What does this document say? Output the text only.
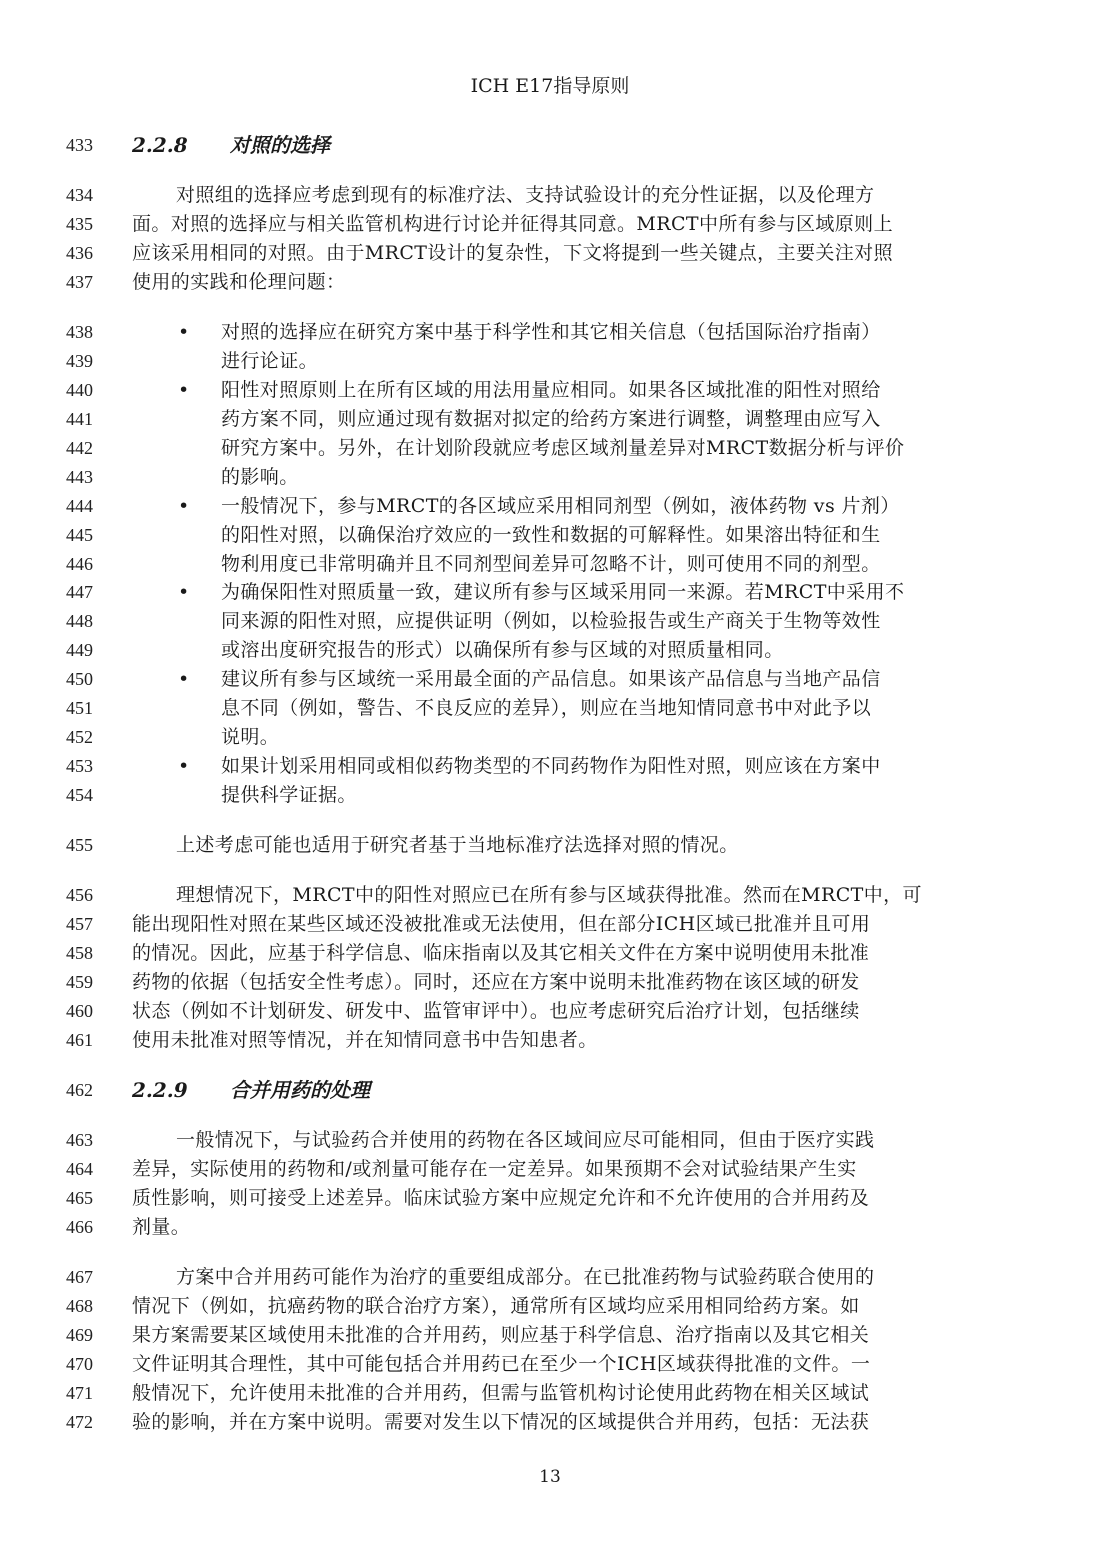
ICH E17指导原则
433	2.2.8 对照的选择
434	对照组的选择应考虑到现有的标准疗法、支持试验设计的充分性证据，以及伦理方
435	面。对照的选择应与相关监管机构进行讨论并征得其同意。MRCT中所有参与区域原则上
436	应该采用相同的对照。由于MRCT设计的复杂性，下文将提到一些关键点，主要关注对照
437	使用的实践和伦理问题：
438	• 对照的选择应在研究方案中基于科学性和其它相关信息（包括国际治疗指南）
439	进行论证。
440	• 阳性对照原则上在所有区域的用法用量应相同。如果各区域批准的阳性对照给
441	药方案不同，则应通过现有数据对拟定的给药方案进行调整，调整理由应写入
442	研究方案中。另外，在计划阶段就应考虑区域剂量差异对MRCT数据分析与评价
443	的影响。
444	• 一般情况下，参与MRCT的各区域应采用相同剂型（例如，液体药物 vs 片剂）
445	的阳性对照，以确保治疗效应的一致性和数据的可解释性。如果溶出特征和生
446	物利用度已非常明确并且不同剂型间差异可忽略不计，则可使用不同的剂型。
447	• 为确保阳性对照质量一致，建议所有参与区域采用同一来源。若MRCT中采用不
448	同来源的阳性对照，应提供证明（例如，以检验报告或生产商关于生物等效性
449	或溶出度研究报告的形式）以确保所有参与区域的对照质量相同。
450	• 建议所有参与区域统一采用最全面的产品信息。如果该产品信息与当地产品信
451	息不同（例如，警告、不良反应的差异），则应在当地知情同意书中对此予以
452	说明。
453	• 如果计划采用相同或相似药物类型的不同药物作为阳性对照，则应该在方案中
454	提供科学证据。
455	上述考虑可能也适用于研究者基于当地标准疗法选择对照的情况。
456	理想情况下，MRCT中的阳性对照应已在所有参与区域获得批准。然而在MRCT中，可
457	能出现阳性对照在某些区域还没被批准或无法使用，但在部分ICH区域已批准并且可用
458	的情况。因此，应基于科学信息、临床指南以及其它相关文件在方案中说明使用未批准
459	药物的依据（包括安全性考虑）。同时，还应在方案中说明未批准药物在该区域的研发
460	状态（例如不计划研发、研发中、监管审评中）。也应考虑研究后治疗计划，包括继续
461	使用未批准对照等情况，并在知情同意书中告知患者。
462	2.2.9 合并用药的处理
463	一般情况下，与试验药合并使用的药物在各区域间应尽可能相同，但由于医疗实践
464	差异，实际使用的药物和/或剂量可能存在一定差异。如果预期不会对试验结果产生实
465	质性影响，则可接受上述差异。临床试验方案中应规定允许和不允许使用的合并用药及
466	剂量。
467	方案中合并用药可能作为治疗的重要组成部分。在已批准药物与试验药联合使用的
468	情况下（例如，抗癌药物的联合治疗方案），通常所有区域均应采用相同给药方案。如
469	果方案需要某区域使用未批准的合并用药，则应基于科学信息、治疗指南以及其它相关
470	文件证明其合理性，其中可能包括合并用药已在至少一个ICH区域获得批准的文件。一
471	般情况下，允许使用未批准的合并用药，但需与监管机构讨论使用此药物在相关区域试
472	验的影响，并在方案中说明。需要对发生以下情况的区域提供合并用药，包括：无法获
13
